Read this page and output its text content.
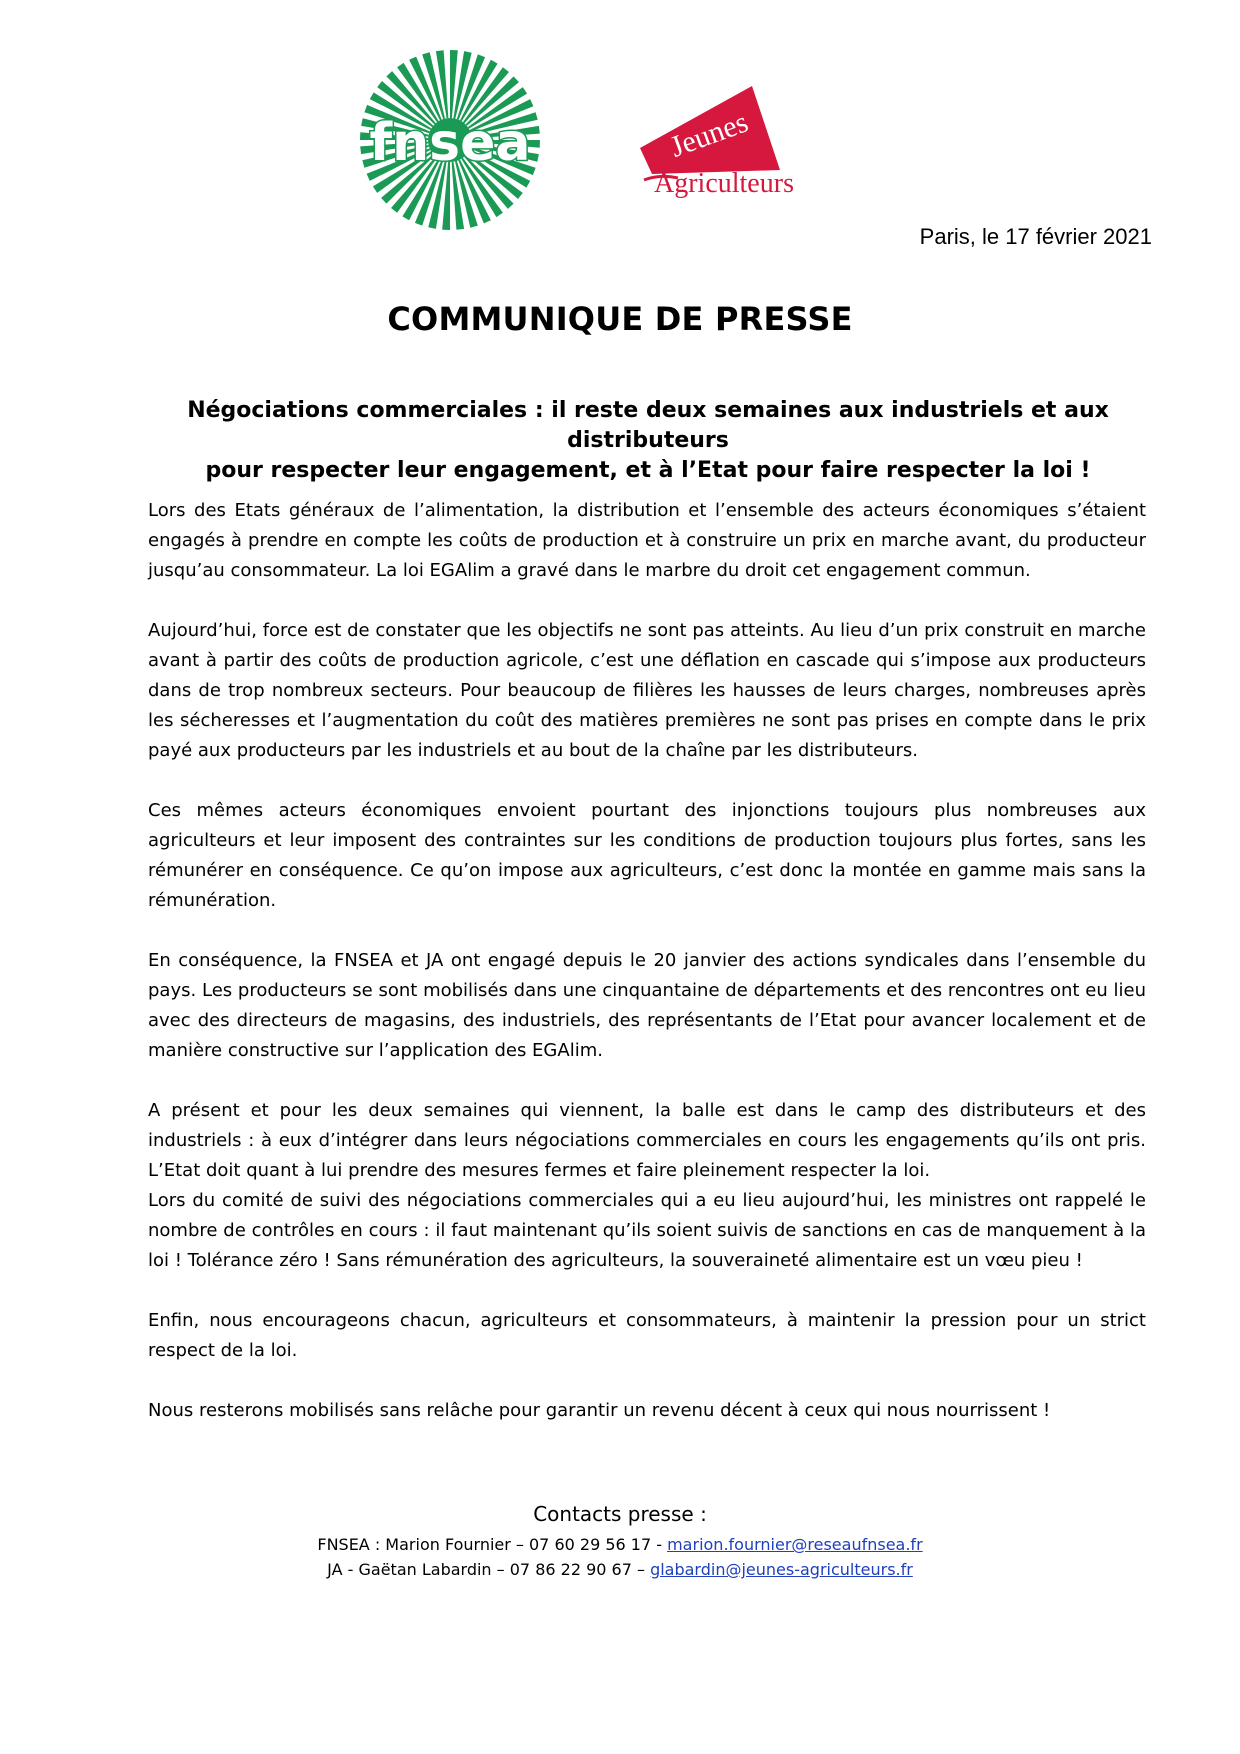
fnsea	Jeunes
Agriculteurs
Paris, le 17 février 2021
COMMUNIQUE DE PRESSE
Négociations commerciales : il reste deux semaines aux industriels et aux distributeurs
pour respecter leur engagement, et à l’Etat pour faire respecter la loi !

Lors des Etats généraux de l’alimentation, la distribution et l’ensemble des acteurs économiques s’étaient engagés à prendre en compte les coûts de production et à construire un prix en marche avant, du producteur jusqu’au consommateur. La loi EGAlim a gravé dans le marbre du droit cet engagement commun.

Aujourd’hui, force est de constater que les objectifs ne sont pas atteints. Au lieu d’un prix construit en marche avant à partir des coûts de production agricole, c’est une déflation en cascade qui s’impose aux producteurs dans de trop nombreux secteurs. Pour beaucoup de filières les hausses de leurs charges, nombreuses après les sécheresses et l’augmentation du coût des matières premières ne sont pas prises en compte dans le prix payé aux producteurs par les industriels et au bout de la chaîne par les distributeurs.

Ces mêmes acteurs économiques envoient pourtant des injonctions toujours plus nombreuses aux agriculteurs et leur imposent des contraintes sur les conditions de production toujours plus fortes, sans les rémunérer en conséquence. Ce qu’on impose aux agriculteurs, c’est donc la montée en gamme mais sans la rémunération.

En conséquence, la FNSEA et JA ont engagé depuis le 20 janvier des actions syndicales dans l’ensemble du pays. Les producteurs se sont mobilisés dans une cinquantaine de départements et des rencontres ont eu lieu avec des directeurs de magasins, des industriels, des représentants de l’Etat pour avancer localement et de manière constructive sur l’application des EGAlim.

A présent et pour les deux semaines qui viennent, la balle est dans le camp des distributeurs et des industriels : à eux d’intégrer dans leurs négociations commerciales en cours les engagements qu’ils ont pris. L’Etat doit quant à lui prendre des mesures fermes et faire pleinement respecter la loi.

Lors du comité de suivi des négociations commerciales qui a eu lieu aujourd’hui, les ministres ont rappelé le nombre de contrôles en cours : il faut maintenant qu’ils soient suivis de sanctions en cas de manquement à la loi ! Tolérance zéro ! Sans rémunération des agriculteurs, la souveraineté alimentaire est un vœu pieu !

Enfin, nous encourageons chacun, agriculteurs et consommateurs, à maintenir la pression pour un strict respect de la loi.

Nous resterons mobilisés sans relâche pour garantir un revenu décent à ceux qui nous nourrissent !

Contacts presse :
FNSEA : Marion Fournier – 07 60 29 56 17 - marion.fournier@reseaufnsea.fr
JA - Gaëtan Labardin – 07 86 22 90 67 – glabardin@jeunes-agriculteurs.fr
